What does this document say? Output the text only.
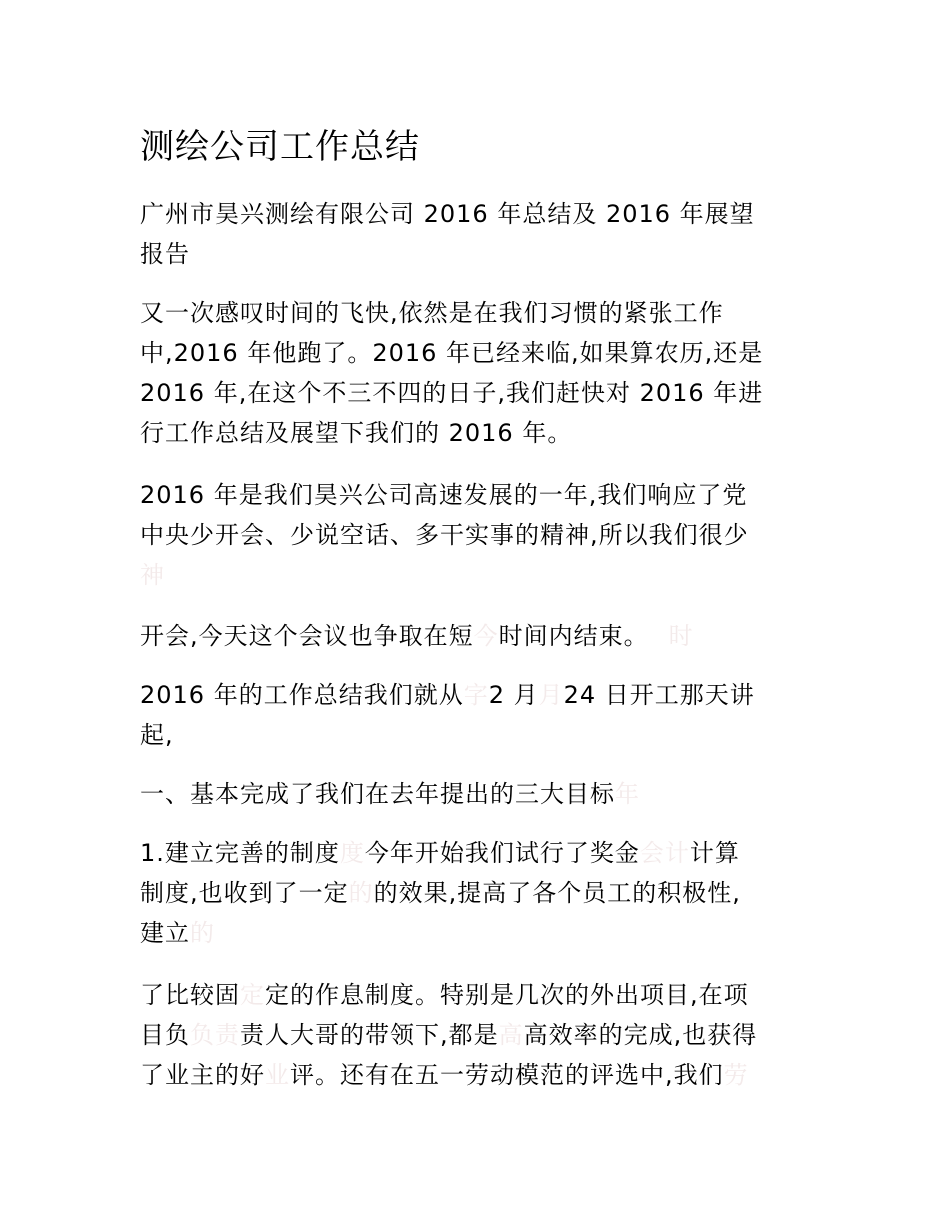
测绘公司工作总结

广州市昊兴测绘有限公司 2016 年总结及 2016 年展望
报告

又一次感叹时间的飞快,依然是在我们习惯的紧张工作
中,2016 年他跑了。2016 年已经来临,如果算农历,还是
2016 年,在这个不三不四的日子,我们赶快对 2016 年进
行工作总结及展望下我们的 2016 年。

2016 年是我们昊兴公司高速发展的一年,我们响应了党
中央少开会、少说空话、多干实事的精神,所以我们很少
神

开会,今天这个会议也争取在短今时间内结束。 时

2016 年的工作总结我们就从字2 月月24 日开工那天讲
起,

一、基本完成了我们在去年提出的三大目标年

1.建立完善的制度度今年开始我们试行了奖金会计计算
制度,也收到了一定的的效果,提高了各个员工的积极性,
建立的

了比较固定定的作息制度。特别是几次的外出项目,在项
目负负责责人大哥的带领下,都是高高效率的完成,也获得
了业主的好业评。还有在五一劳动模范的评选中,我们劳
